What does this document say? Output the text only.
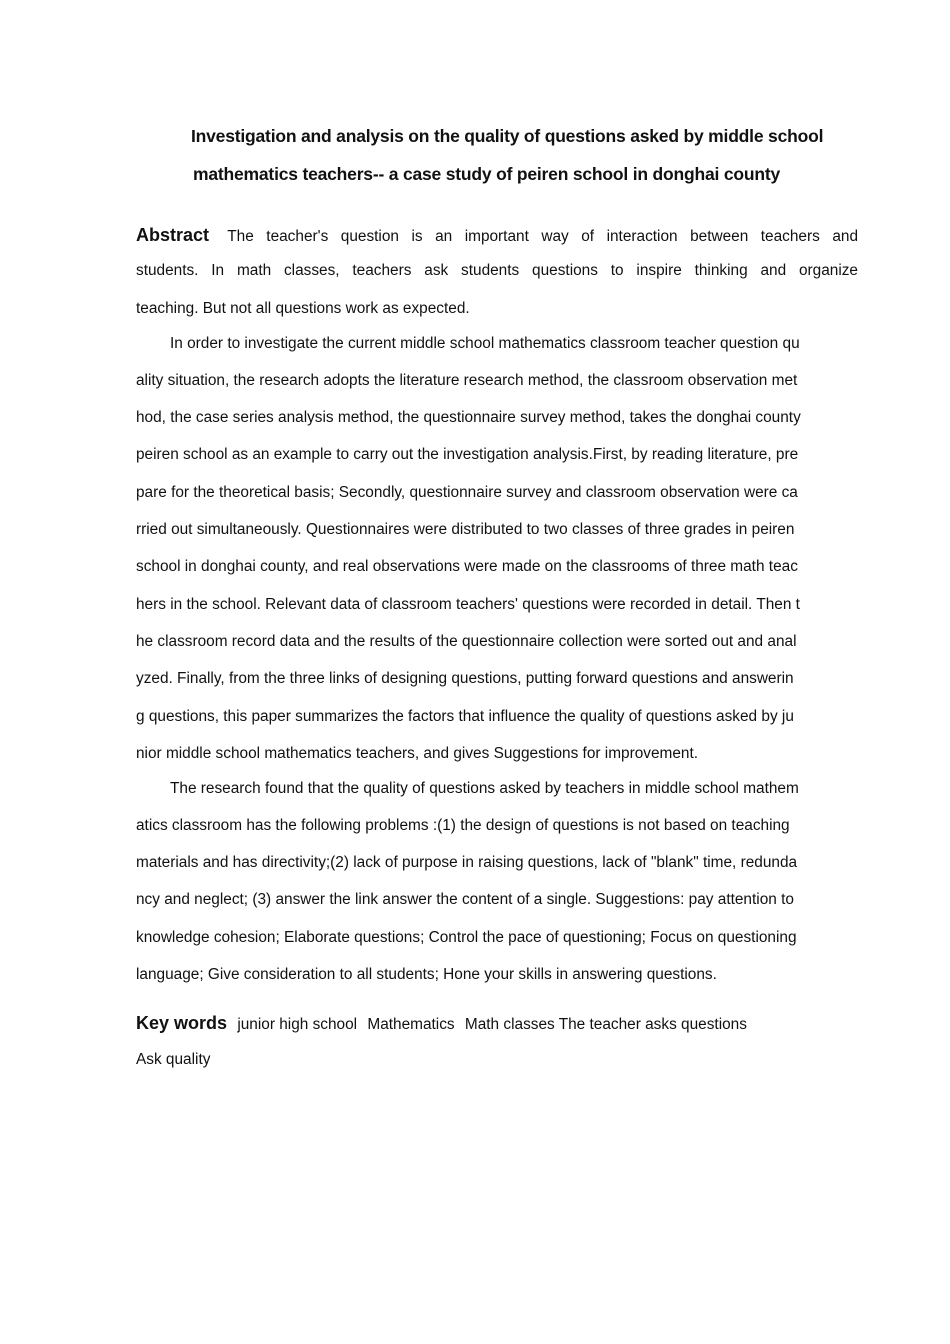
Investigation and analysis on the quality of questions asked by middle school
mathematics teachers-- a case study of peiren school in donghai county
Abstract The teacher's question is an important way of interaction between teachers and
students. In math classes, teachers ask students questions to inspire thinking and organize
teaching. But not all questions work as expected.
In order to investigate the current middle school mathematics classroom teacher question qu
ality situation, the research adopts the literature research method, the classroom observation met
hod, the case series analysis method, the questionnaire survey method, takes the donghai county
peiren school as an example to carry out the investigation analysis.First, by reading literature, pre
pare for the theoretical basis; Secondly, questionnaire survey and classroom observation were ca
rried out simultaneously. Questionnaires were distributed to two classes of three grades in peiren
school in donghai county, and real observations were made on the classrooms of three math teac
hers in the school. Relevant data of classroom teachers' questions were recorded in detail. Then t
he classroom record data and the results of the questionnaire collection were sorted out and anal
yzed. Finally, from the three links of designing questions, putting forward questions and answerin
g questions, this paper summarizes the factors that influence the quality of questions asked by ju
nior middle school mathematics teachers, and gives Suggestions for improvement.
The research found that the quality of questions asked by teachers in middle school mathem
atics classroom has the following problems :(1) the design of questions is not based on teaching
materials and has directivity;(2) lack of purpose in raising questions, lack of "blank" time, redunda
ncy and neglect; (3) answer the link answer the content of a single. Suggestions: pay attention to
knowledge cohesion; Elaborate questions; Control the pace of questioning; Focus on questioning
language; Give consideration to all students; Hone your skills in answering questions.
Key words junior high school Mathematics Math classes The teacher asks questions
Ask quality
